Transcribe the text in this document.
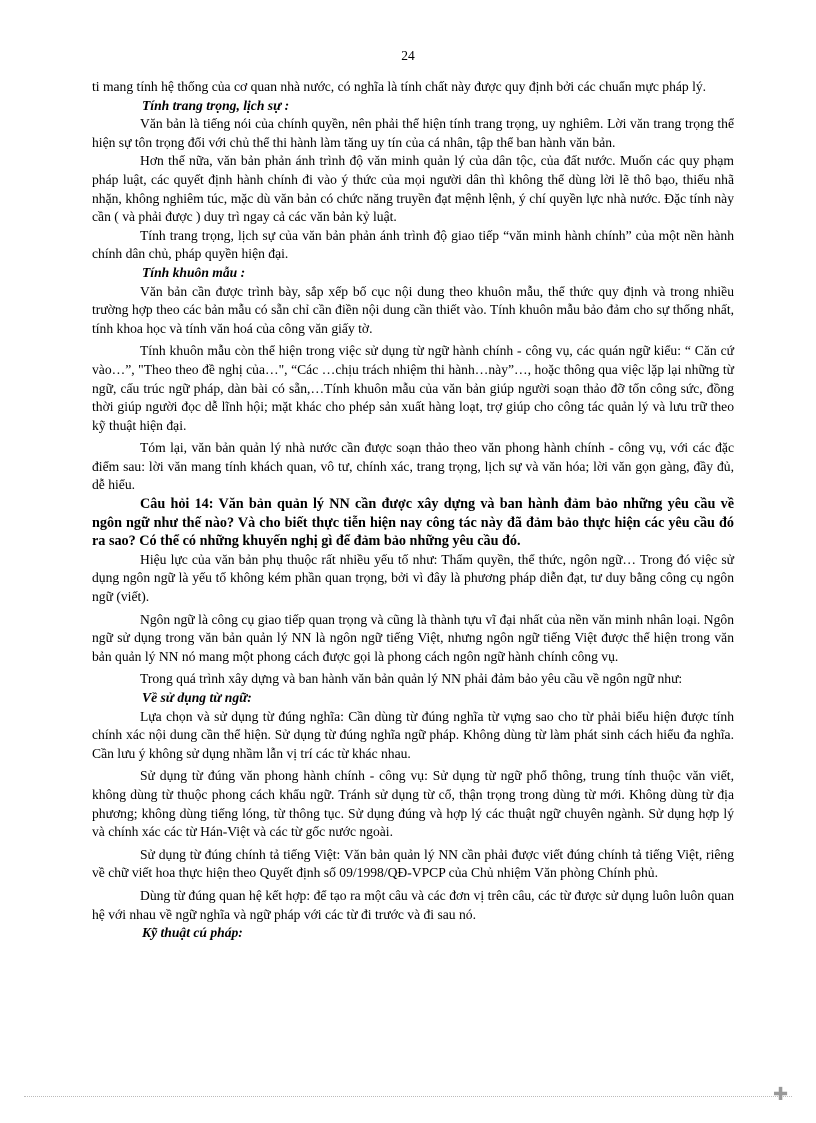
24

ti mang tính hệ thống của cơ quan nhà nước, có nghĩa là tính chất này được quy định bởi các chuẩn mực pháp lý.

Tính trang trọng, lịch sự :

Văn bản là tiếng nói của chính quyền, nên phải thể hiện tính trang trọng, uy nghiêm. Lời văn trang trọng thể hiện sự tôn trọng đối với chủ thể thi hành làm tăng uy tín của cá nhân, tập thể ban hành văn bản.

Hơn thế nữa, văn bản phản ánh trình độ văn minh quản lý của dân tộc, của đất nước. Muốn các quy phạm pháp luật, các quyết định hành chính đi vào ý thức của mọi người dân thì không thể dùng lời lẽ thô bạo, thiếu nhã nhặn, không nghiêm túc, mặc dù văn bản có chức năng truyền đạt mệnh lệnh, ý chí quyền lực nhà nước. Đặc tính này cần ( và phải được ) duy trì ngay cả các văn bản kỷ luật.

Tính trang trọng, lịch sự của văn bản phản ánh trình độ giao tiếp “văn minh hành chính” của một nền hành chính dân chủ, pháp quyền hiện đại.

Tính khuôn mẫu :

Văn bản cần được trình bày, sắp xếp bố cục nội dung theo khuôn mẫu, thể thức quy định và trong nhiều trường hợp theo các bản mẫu có sẵn chỉ cần điền nội dung cần thiết vào. Tính khuôn mẫu bảo đảm cho sự thống nhất, tính khoa học và tính văn hoá của công văn giấy tờ.

Tính khuôn mẫu còn thể hiện trong việc sử dụng từ ngữ hành chính - công vụ, các quán ngữ kiểu: “ Căn cứ vào…”, "Theo theo đề nghị của…", “Các …chịu trách nhiệm thi hành…này”…, hoặc thông qua việc lặp lại những từ ngữ, cấu trúc ngữ pháp, dàn bài có sẵn,…Tính khuôn mẫu của văn bản giúp người soạn thảo đỡ tốn công sức, đồng thời giúp người đọc dễ lĩnh hội; mặt khác cho phép sản xuất hàng loạt, trợ giúp cho công tác quản lý và lưu trữ theo kỹ thuật hiện đại.

Tóm lại, văn bản quản lý nhà nước cần được soạn thảo theo văn phong hành chính - công vụ, với các đặc điểm sau: lời văn mang tính khách quan, vô tư, chính xác, trang trọng, lịch sự và văn hóa; lời văn gọn gàng, đầy đủ, dễ hiểu.

Câu hỏi 14: Văn bản quản lý NN cần được xây dựng và ban hành đảm bảo những yêu cầu về ngôn ngữ như thế nào? Và cho biết thực tiễn hiện nay công tác này đã đảm bảo thực hiện các yêu cầu đó ra sao? Có thể có những khuyến nghị gì để đảm bảo những yêu cầu đó.

Hiệu lực của văn bản phụ thuộc rất nhiều yếu tố như: Thẩm quyền, thể thức, ngôn ngữ… Trong đó việc sử dụng ngôn ngữ là yếu tố không kém phần quan trọng, bởi vì đây là phương pháp diễn đạt, tư duy bằng công cụ ngôn ngữ (viết).

Ngôn ngữ là công cụ giao tiếp quan trọng và cũng là thành tựu vĩ đại nhất của nền văn minh nhân loại. Ngôn ngữ sử dụng trong văn bản quản lý NN là ngôn ngữ tiếng Việt, nhưng ngôn ngữ tiếng Việt được thể hiện trong văn bản quản lý NN nó mang một phong cách được gọi là phong cách ngôn ngữ hành chính công vụ.

Trong quá trình xây dựng và ban hành văn bản quản lý NN phải đảm bảo yêu cầu về ngôn ngữ như:

Về sử dụng từ ngữ:

Lựa chọn và sử dụng từ đúng nghĩa: Cần dùng từ đúng nghĩa từ vựng sao cho từ phải biểu hiện được tính chính xác nội dung cần thể hiện. Sử dụng từ đúng nghĩa ngữ pháp. Không dùng từ làm phát sinh cách hiểu đa nghĩa. Cần lưu ý không sử dụng nhầm lẫn vị trí các từ khác nhau.

Sử dụng từ đúng văn phong hành chính - công vụ: Sử dụng từ ngữ phổ thông, trung tính thuộc văn viết, không dùng từ thuộc phong cách khẩu ngữ. Tránh sử dụng từ cổ, thận trọng trong dùng từ mới. Không dùng từ địa phương; không dùng tiếng lóng, từ thông tục. Sử dụng đúng và hợp lý các thuật ngữ chuyên ngành. Sử dụng hợp lý và chính xác các từ Hán-Việt và các từ gốc nước ngoài.

Sử dụng từ đúng chính tả tiếng Việt: Văn bản quản lý NN cần phải được viết đúng chính tả tiếng Việt, riêng về chữ viết hoa thực hiện theo Quyết định số 09/1998/QĐ-VPCP của Chủ nhiệm Văn phòng Chính phủ.

Dùng từ đúng quan hệ kết hợp: để tạo ra một câu và các đơn vị trên câu, các từ được sử dụng luôn luôn quan hệ với nhau về ngữ nghĩa và ngữ pháp với các từ đi trước và đi sau nó.

Kỹ thuật cú pháp:

✚
